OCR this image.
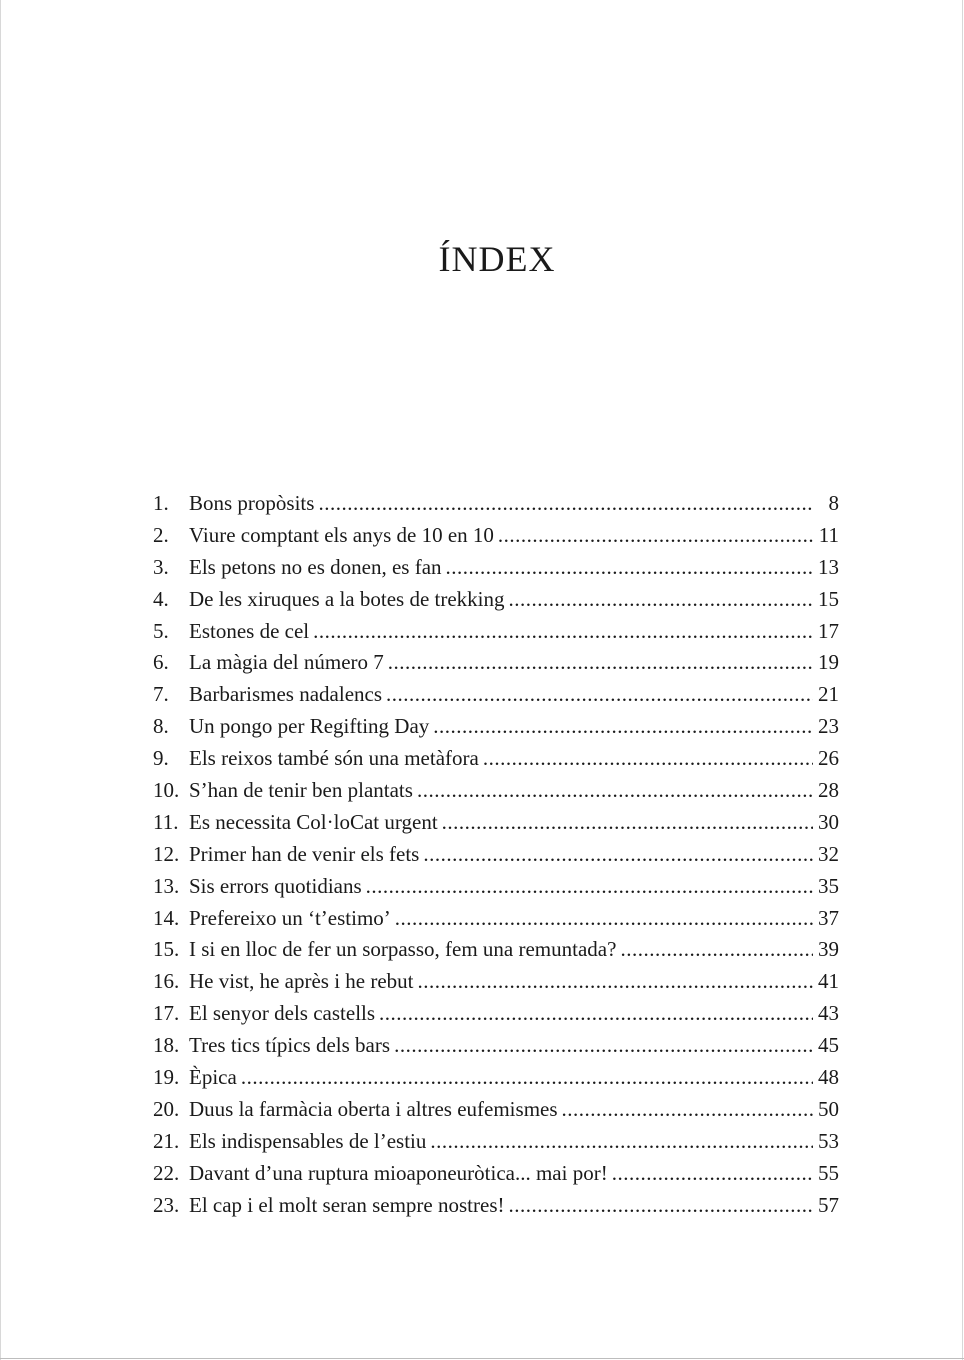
ÍNDEX
1. Bons propòsits .....	8
2. Viure comptant els anys de 10 en 10 .....	11
3. Els petons no es donen, es fan .....	13
4. De les xiruques a la botes de trekking .....	15
5. Estones de cel .....	17
6. La màgia del número 7 .....	19
7. Barbarismes nadalencs .....	21
8. Un pongo per Regifting Day .....	23
9. Els reixos també són una metàfora .....	26
10. S’han de tenir ben plantats .....	28
11. Es necessita Col·loCat urgent .....	30
12. Primer han de venir els fets .....	32
13. Sis errors quotidians .....	35
14. Prefereixo un ‘t’estimo’ .....	37
15. I si en lloc de fer un sorpasso, fem una remuntada? .....	39
16. He vist, he après i he rebut .....	41
17. El senyor dels castells .....	43
18. Tres tics típics dels bars .....	45
19. Èpica .....	48
20. Duus la farmàcia oberta i altres eufemismes .....	50
21. Els indispensables de l’estiu .....	53
22. Davant d’una ruptura mioaponeuròtica... mai por! .....	55
23. El cap i el molt seran sempre nostres! .....	57
